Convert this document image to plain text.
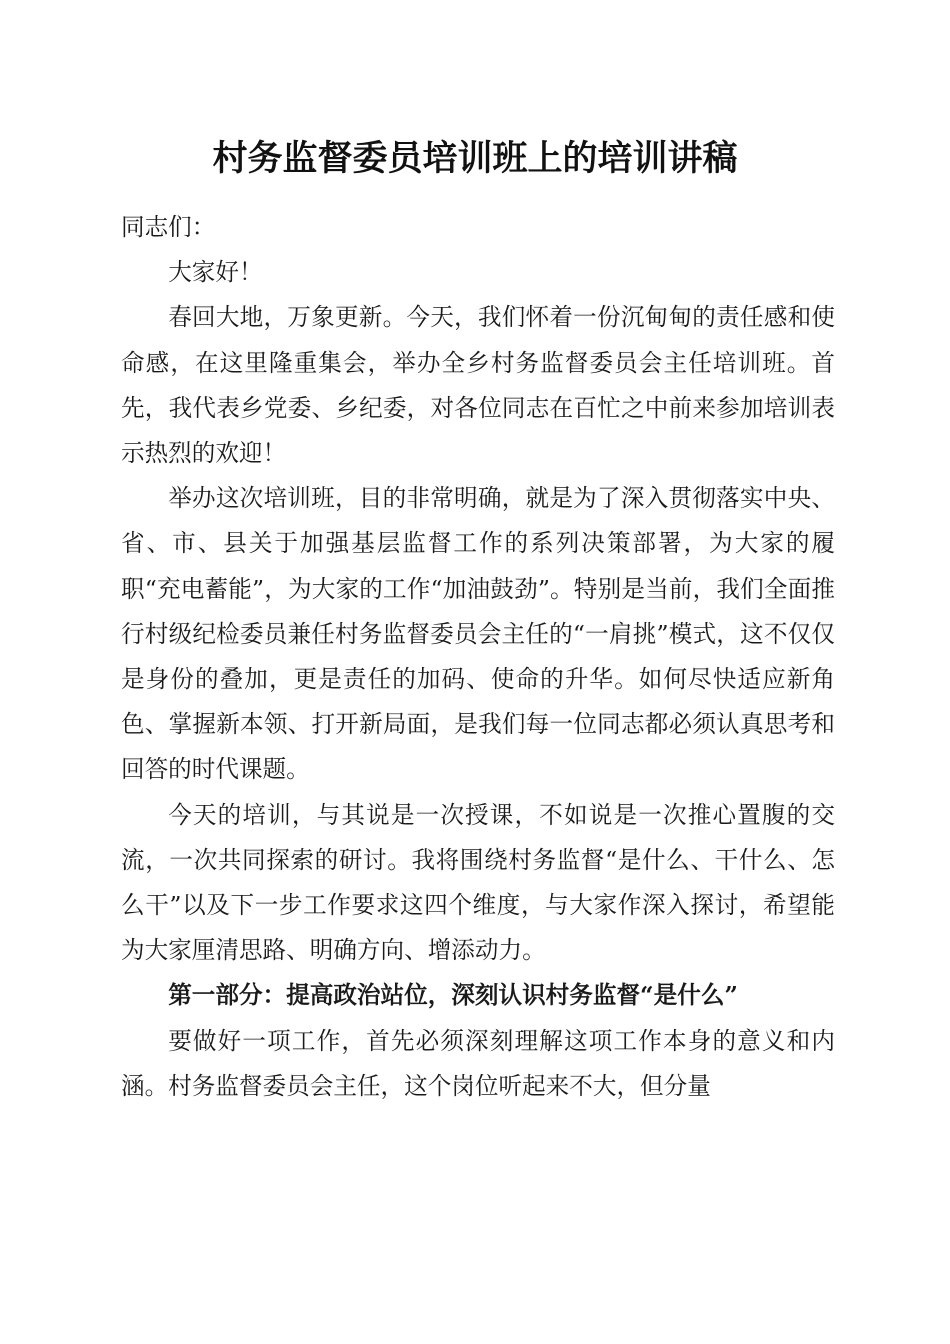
村务监督委员培训班上的培训讲稿

同志们：

大家好！

春回大地，万象更新。今天，我们怀着一份沉甸甸的责任感和使命感，在这里隆重集会，举办全乡村务监督委员会主任培训班。首先，我代表乡党委、乡纪委，对各位同志在百忙之中前来参加培训表示热烈的欢迎！

举办这次培训班，目的非常明确，就是为了深入贯彻落实中央、省、市、县关于加强基层监督工作的系列决策部署，为大家的履职“充电蓄能”，为大家的工作“加油鼓劲”。特别是当前，我们全面推行村级纪检委员兼任村务监督委员会主任的“一肩挑”模式，这不仅仅是身份的叠加，更是责任的加码、使命的升华。如何尽快适应新角色、掌握新本领、打开新局面，是我们每一位同志都必须认真思考和回答的时代课题。

今天的培训，与其说是一次授课，不如说是一次推心置腹的交流，一次共同探索的研讨。我将围绕村务监督“是什么、干什么、怎么干”以及下一步工作要求这四个维度，与大家作深入探讨，希望能为大家厘清思路、明确方向、增添动力。

第一部分：提高政治站位，深刻认识村务监督“是什么”

要做好一项工作，首先必须深刻理解这项工作本身的意义和内涵。村务监督委员会主任，这个岗位听起来不大，但分量
